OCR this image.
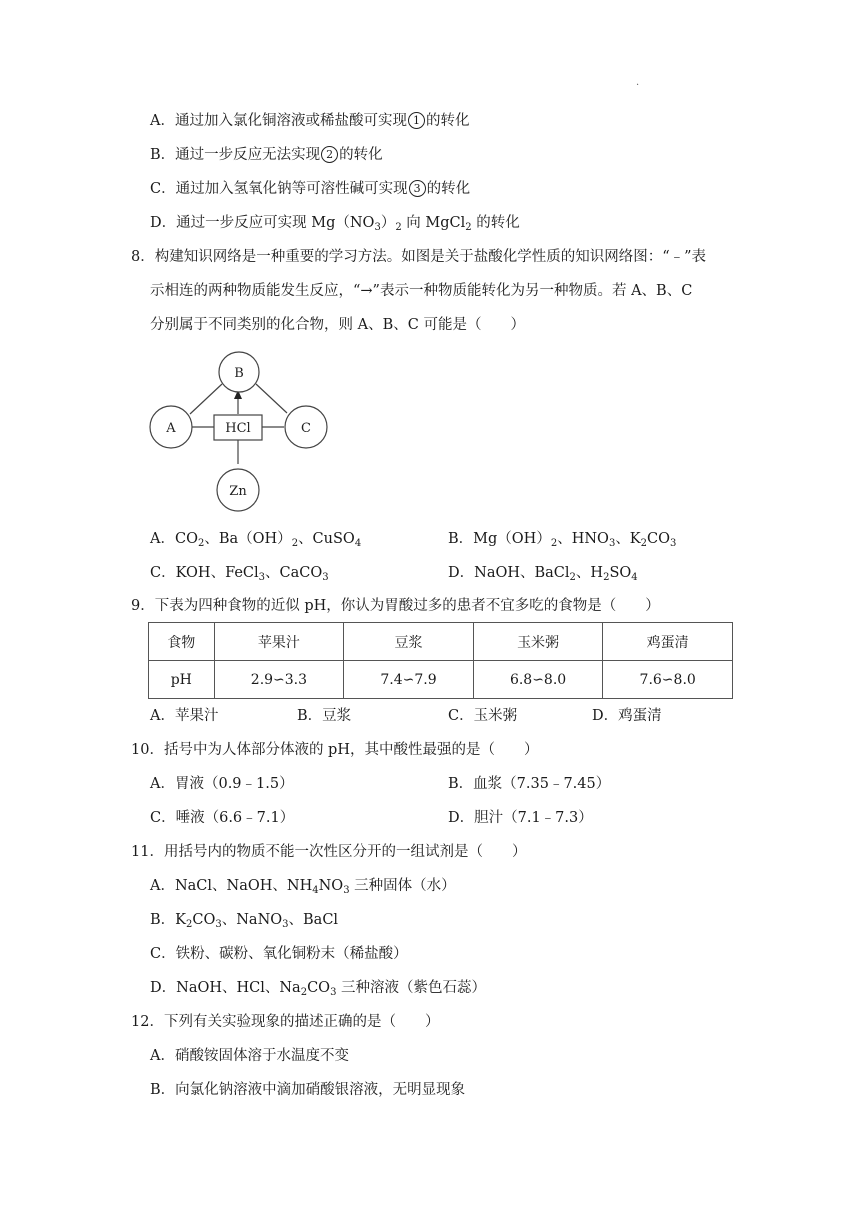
·
A．通过加入氯化铜溶液或稀盐酸可实现 1 的转化
B．通过一步反应无法实现 2 的转化
C．通过加入氢氧化钠等可溶性碱可实现 3 的转化
D．通过一步反应可实现 $Mg(NO_3)_2$ 向 MgCl$_2$ 的转化
8．构建知识网络是一种重要的学习方法。如图是关于盐酸化学性质的知识网络图：“﹣”表
示相连的两种物质能发生反应，“→”表示一种物质能转化为另一种物质。若 A、B、C
分别属于不同类别的化合物，则 A、B、C 可能是（　　）
B
A	C
HCl
Zn
A．$CO_2$、$Ba(OH)_2$、CuSO$_4$	B．$Mg(OH)_2$、$HNO_3$、$K_2CO_3$
C．KOH、FeCl$_3$、CaCO$_3$	D．NaOH、BaCl$_2$、$H_2SO_4$
9．下表为四种食物的近似 pH，你认为胃酸过多的患者不宜多吃的食物是（　　）
食物	苹果汁	豆浆	玉米粥	鸡蛋清
pH	2.9∽3.3	7.4∽7.9	6.8∽8.0	7.6∽8.0
A．苹果汁	B．豆浆	C．玉米粥	D．鸡蛋清
10．括号中为人体部分体液的 pH，其中酸性最强的是（　　）
A．胃液（0.9﹣1.5）	B．血浆（7.35﹣7.45）
C．唾液（6.6﹣7.1）	D．胆汁（7.1﹣7.3）
11．用括号内的物质不能一次性区分开的一组试剂是（　　）
A．NaCl、NaOH、$NH_4NO_3$ 三种固体（水）
B．$K_2CO_3$、NaNO$_3$、BaCl
C．铁粉、碳粉、氧化铜粉末（稀盐酸）
D．NaOH、HCl、$Na_2CO_3$ 三种溶液（紫色石蕊）
12．下列有关实验现象的描述正确的是（　　）
A．硝酸铵固体溶于水温度不变
B．向氯化钠溶液中滴加硝酸银溶液，无明显现象
